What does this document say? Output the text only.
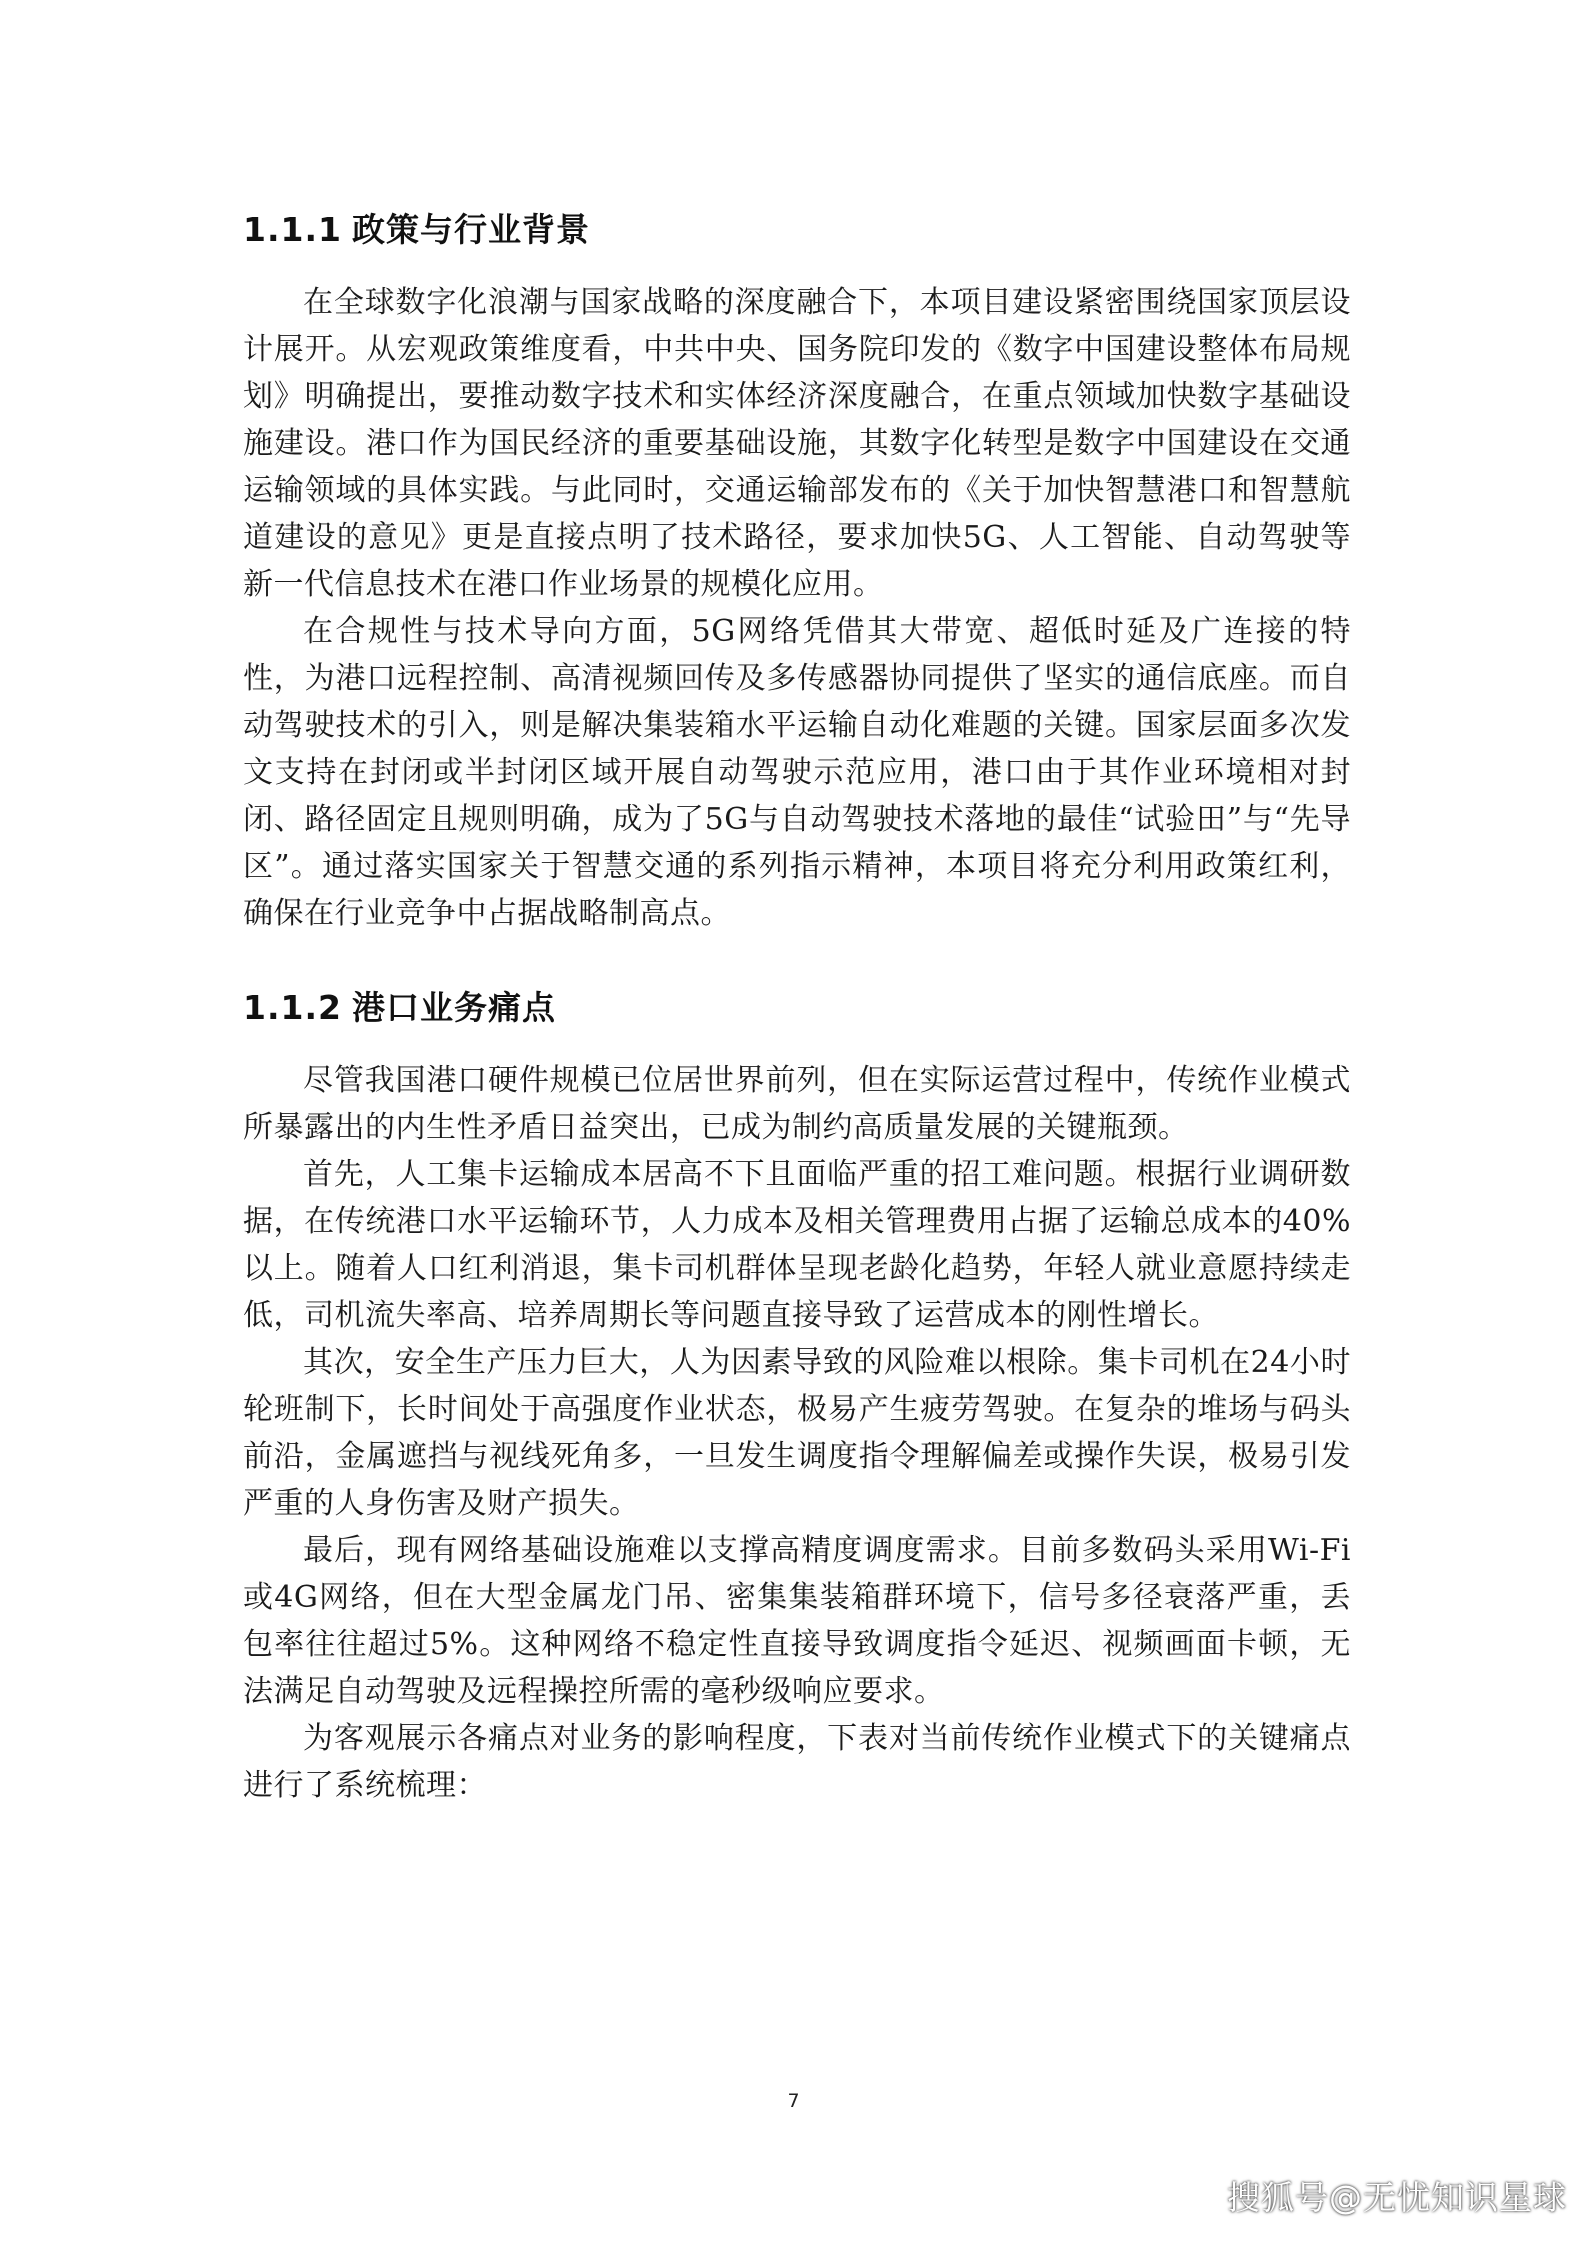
1.1.1 政策与行业背景

在全球数字化浪潮与国家战略的深度融合下，本项目建设紧密围绕国家顶层设计展开。从宏观政策维度看，中共中央、国务院印发的《数字中国建设整体布局规划》明确提出，要推动数字技术和实体经济深度融合，在重点领域加快数字基础设施建设。港口作为国民经济的重要基础设施，其数字化转型是数字中国建设在交通运输领域的具体实践。与此同时，交通运输部发布的《关于加快智慧港口和智慧航道建设的意见》更是直接点明了技术路径，要求加快5G、人工智能、自动驾驶等新一代信息技术在港口作业场景的规模化应用。

在合规性与技术导向方面，5G网络凭借其大带宽、超低时延及广连接的特性，为港口远程控制、高清视频回传及多传感器协同提供了坚实的通信底座。而自动驾驶技术的引入，则是解决集装箱水平运输自动化难题的关键。国家层面多次发文支持在封闭或半封闭区域开展自动驾驶示范应用，港口由于其作业环境相对封闭、路径固定且规则明确，成为了5G与自动驾驶技术落地的最佳“试验田”与“先导区”。通过落实国家关于智慧交通的系列指示精神，本项目将充分利用政策红利，确保在行业竞争中占据战略制高点。

1.1.2 港口业务痛点

尽管我国港口硬件规模已位居世界前列，但在实际运营过程中，传统作业模式所暴露出的内生性矛盾日益突出，已成为制约高质量发展的关键瓶颈。

首先，人工集卡运输成本居高不下且面临严重的招工难问题。根据行业调研数据，在传统港口水平运输环节，人力成本及相关管理费用占据了运输总成本的40%以上。随着人口红利消退，集卡司机群体呈现老龄化趋势，年轻人就业意愿持续走低，司机流失率高、培养周期长等问题直接导致了运营成本的刚性增长。

其次，安全生产压力巨大，人为因素导致的风险难以根除。集卡司机在24小时轮班制下，长时间处于高强度作业状态，极易产生疲劳驾驶。在复杂的堆场与码头前沿，金属遮挡与视线死角多，一旦发生调度指令理解偏差或操作失误，极易引发严重的人身伤害及财产损失。

最后，现有网络基础设施难以支撑高精度调度需求。目前多数码头采用Wi-Fi或4G网络，但在大型金属龙门吊、密集集装箱群环境下，信号多径衰落严重，丢包率往往超过5%。这种网络不稳定性直接导致调度指令延迟、视频画面卡顿，无法满足自动驾驶及远程操控所需的毫秒级响应要求。

为客观展示各痛点对业务的影响程度，下表对当前传统作业模式下的关键痛点进行了系统梳理：

7
搜狐号@无忧知识星球
